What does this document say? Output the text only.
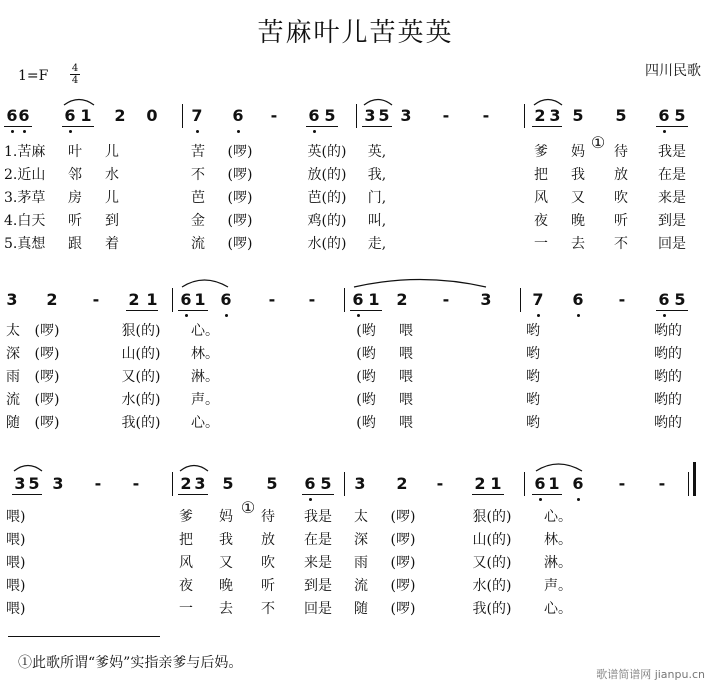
苦麻叶儿苦英英
1=F 4
4
四川民歌
6 6 6 1 2 0 7 6 - 6 5 3 5 3 - -	2 3 5 5 6 5
1.苦麻 叶 儿	苦 (啰)	英(的) 英,	爹 妈 待 我是
2.近山 邻 水	不 (啰)	放(的) 我,	把 我 放 在是
3.茅草 房 儿	芭 (啰)	芭(的) 门,	风 又 吹 来是
4.白天 听 到	金 (啰)	鸡(的) 叫,	夜 晚 听 到是
5.真想 跟 着	流 (啰)	水(的) 走,	一 去 不 回是
①
3 2 - 2 1 6 1 6 - - 6 1 2 - 3	7 6 - 6 5
太 (啰)	狠(的) 心。	(哟 喂	哟	哟的
深 (啰)	山(的) 林。	(哟 喂	哟	哟的
雨 (啰)	又(的) 淋。	(哟 喂	哟	哟的
流 (啰)	水(的) 声。	(哟 喂	哟	哟的
随 (啰)	我(的) 心。	(哟 喂	哟	哟的
3 5 3 - -	2 3 5 5 6 5 3 2 - 2 1 6 1 6 - -
喂)	爹 妈 待 我是 太 (啰)	狠(的) 心。
喂)	把 我 放 在是 深 (啰)	山(的) 林。
喂)	风 又 吹 来是 雨 (啰)	又(的) 淋。
喂)	夜 晚 听 到是 流 (啰)	水(的) 声。
喂)	一 去 不 回是 随 (啰)	我(的) 心。
①
①此歌所谓“爹妈”实指亲爹与后妈。
歌谱简谱网 jianpu.cn
